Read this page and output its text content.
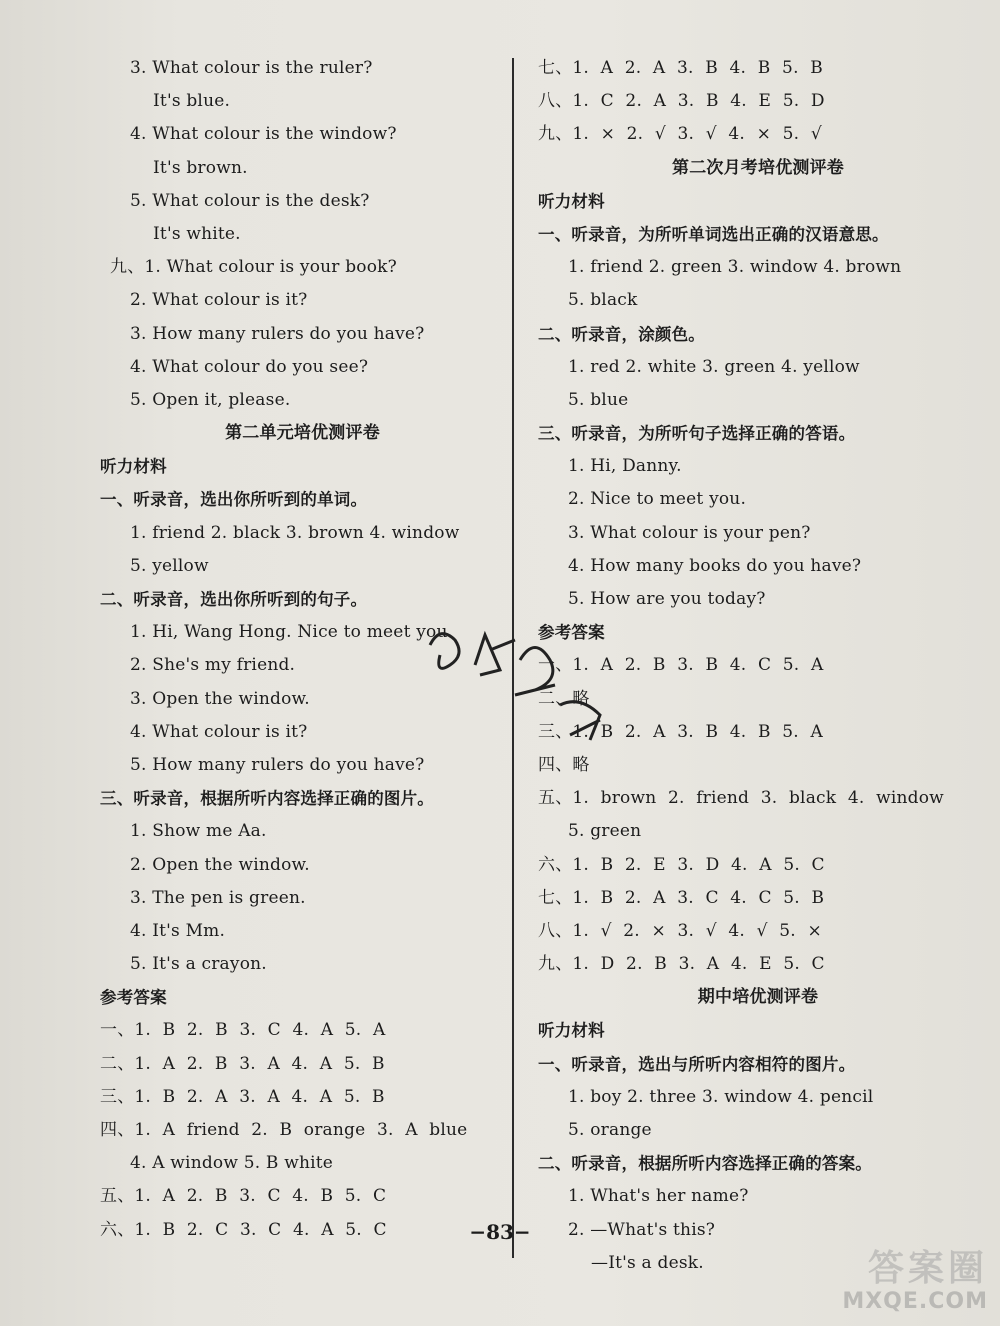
3. What colour is the ruler?
It's blue.
4. What colour is the window?
It's brown.
5. What colour is the desk?
It's white.
九、1. What colour is your book?
2. What colour is it?
3. How many rulers do you have?
4. What colour do you see?
5. Open it, please.
第二单元培优测评卷
听力材料
一、听录音，选出你所听到的单词。
1. friend 2. black 3. brown 4. window
5. yellow
二、听录音，选出你所听到的句子。
1. Hi, Wang Hong. Nice to meet you.
2. She's my friend.
3. Open the window.
4. What colour is it?
5. How many rulers do you have?
三、听录音，根据所听内容选择正确的图片。
1. Show me Aa.
2. Open the window.
3. The pen is green.
4. It's Mm.
5. It's a crayon.
参考答案
一、1. B 2. B 3. C 4. A 5. A
二、1. A 2. B 3. A 4. A 5. B
三、1. B 2. A 3. A 4. A 5. B
四、1. A friend 2. B orange 3. A blue
4. A window 5. B white
五、1. A 2. B 3. C 4. B 5. C
六、1. B 2. C 3. C 4. A 5. C
七、1. A 2. A 3. B 4. B 5. B
八、1. C 2. A 3. B 4. E 5. D
九、1. × 2. √ 3. √ 4. × 5. √
第二次月考培优测评卷
听力材料
一、听录音，为所听单词选出正确的汉语意思。
1. friend 2. green 3. window 4. brown
5. black
二、听录音，涂颜色。
1. red 2. white 3. green 4. yellow
5. blue
三、听录音，为所听句子选择正确的答语。
1. Hi, Danny.
2. Nice to meet you.
3. What colour is your pen?
4. How many books do you have?
5. How are you today?
参考答案
一、1. A 2. B 3. B 4. C 5. A
二、略
三、1. B 2. A 3. B 4. B 5. A
四、略
五、1. brown 2. friend 3. black 4. window
5. green
六、1. B 2. E 3. D 4. A 5. C
七、1. B 2. A 3. C 4. C 5. B
八、1. √ 2. × 3. √ 4. √ 5. ×
九、1. D 2. B 3. A 4. E 5. C
期中培优测评卷
听力材料
一、听录音，选出与所听内容相符的图片。
1. boy 2. three 3. window 4. pencil
5. orange
二、听录音，根据所听内容选择正确的答案。
1. What's her name?
2. —What's this?
—It's a desk.
−83−
答案圈
MXQE.COM
